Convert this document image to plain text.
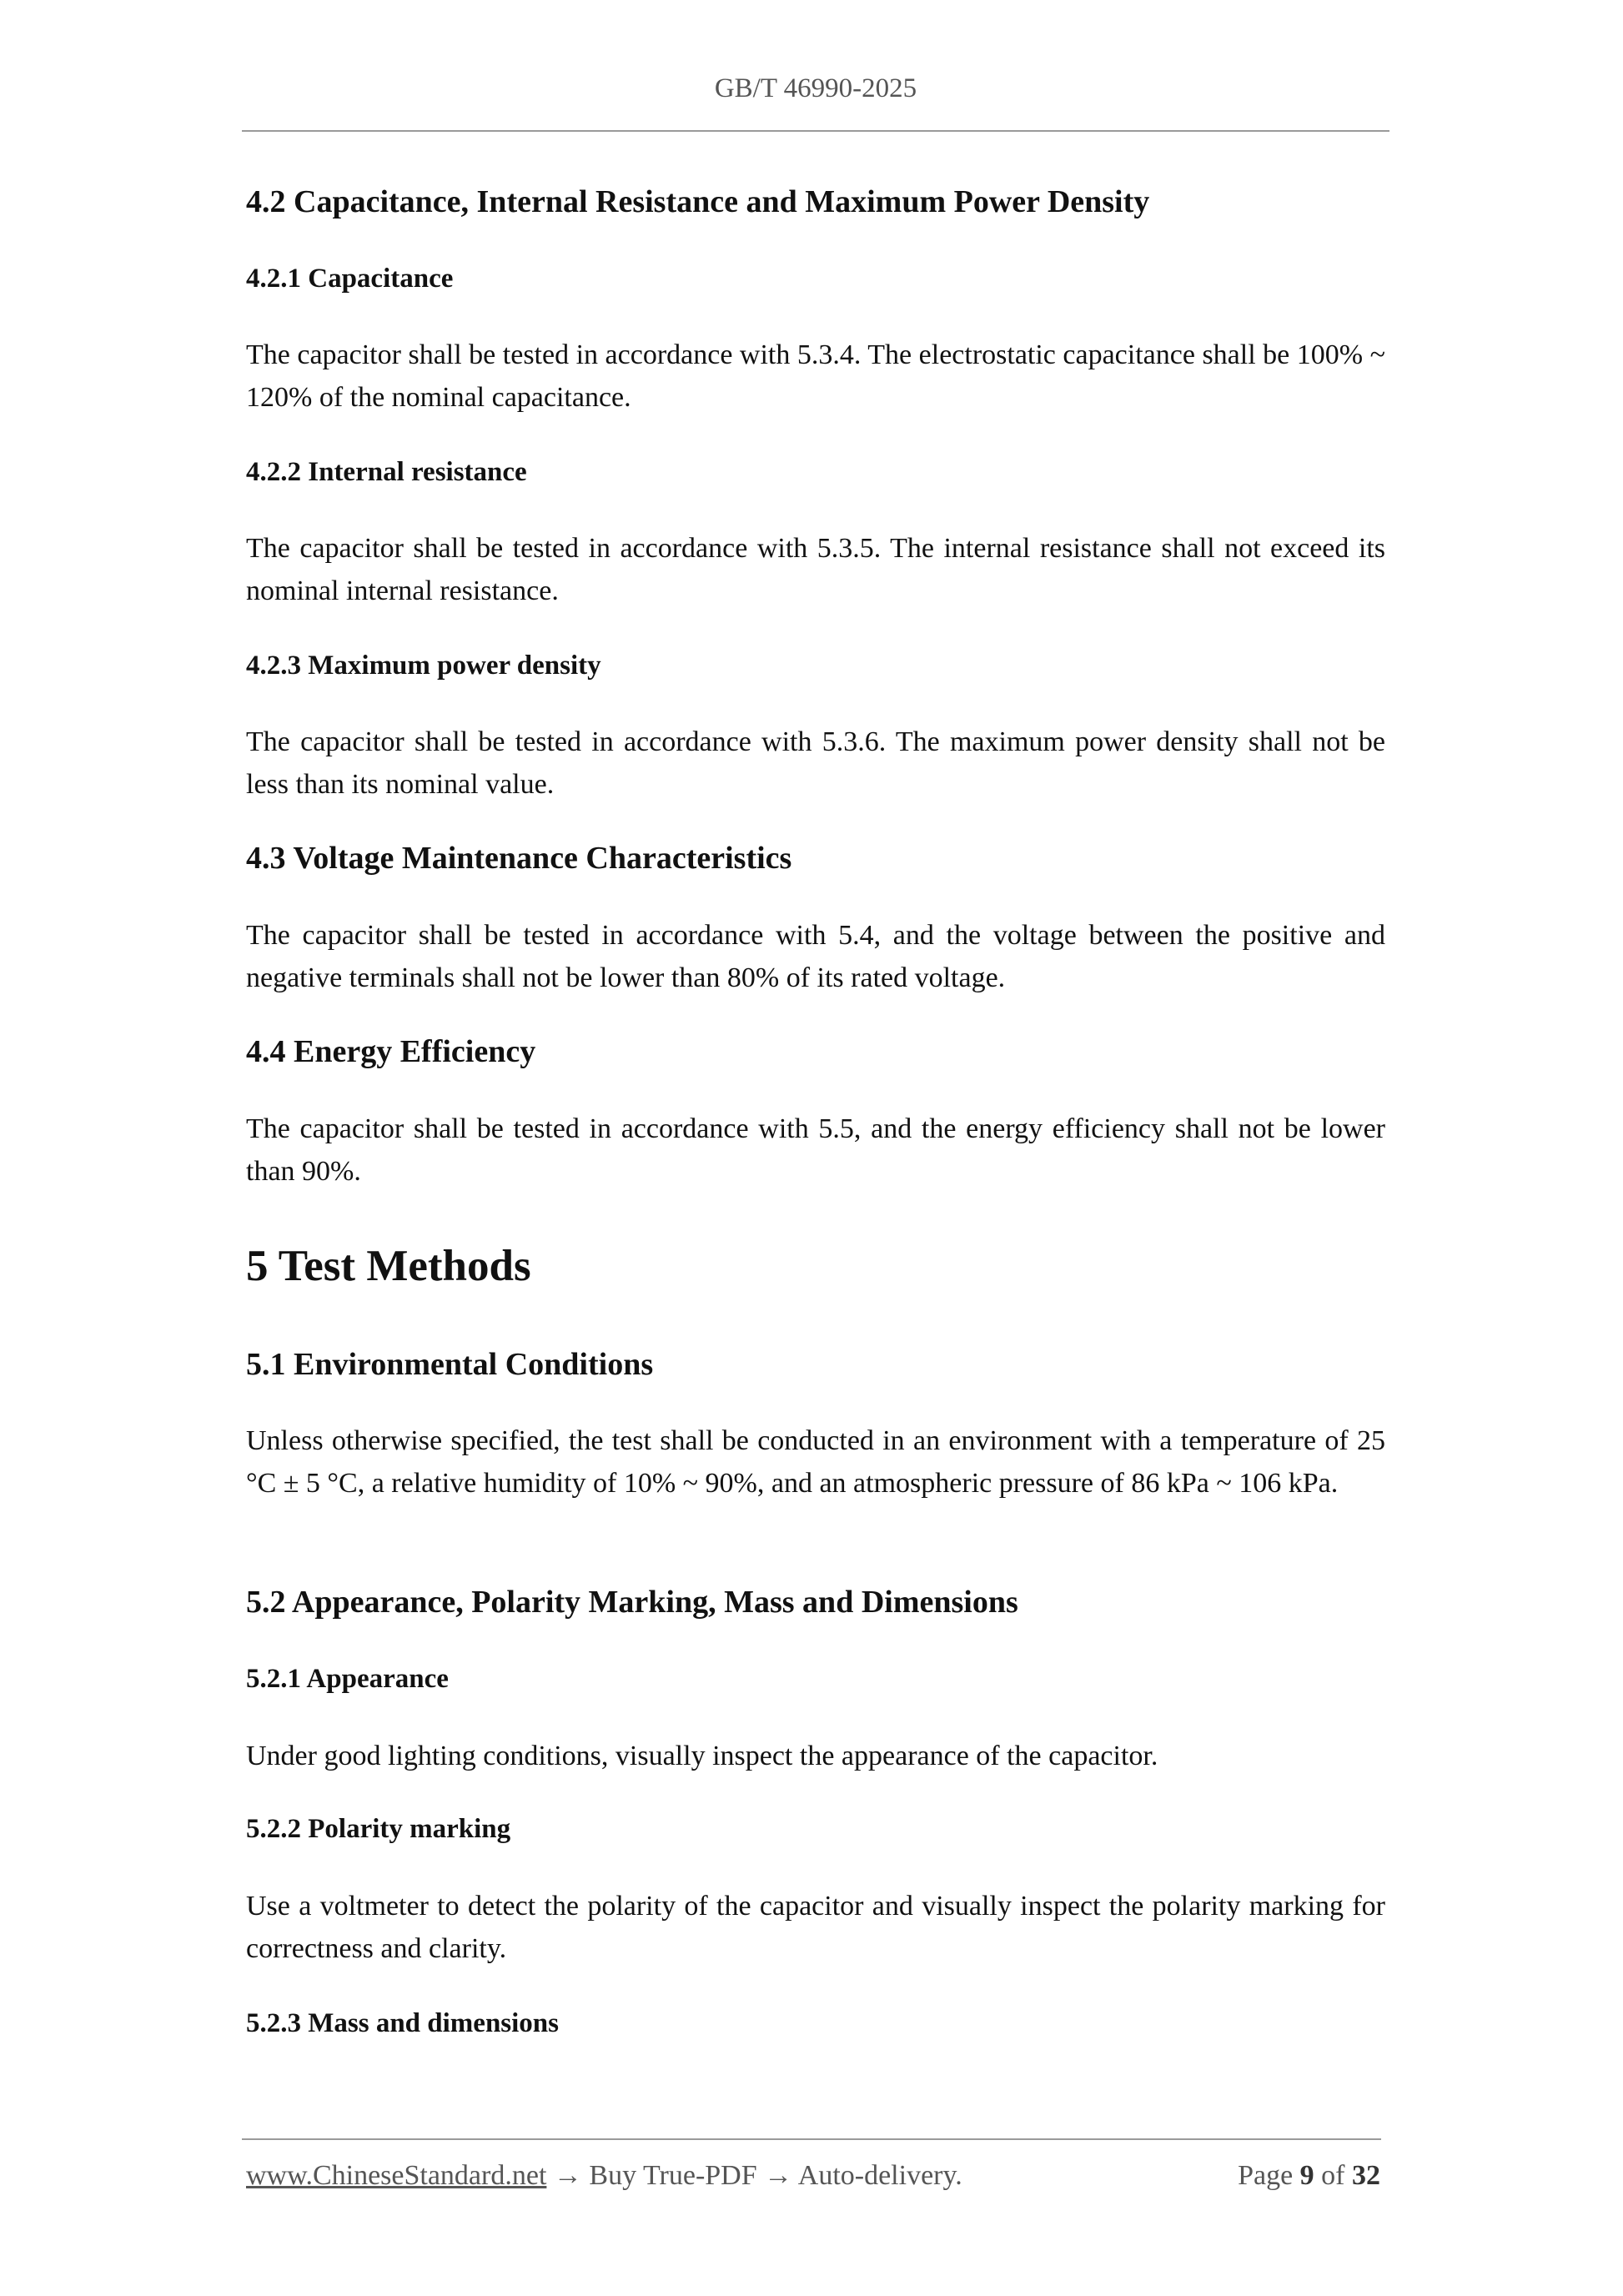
GB/T 46990-2025
4.2 Capacitance, Internal Resistance and Maximum Power Density
4.2.1 Capacitance

The capacitor shall be tested in accordance with 5.3.4. The electrostatic capacitance shall be 100% ~ 120% of the nominal capacitance.

4.2.2 Internal resistance

The capacitor shall be tested in accordance with 5.3.5. The internal resistance shall not exceed its nominal internal resistance.

4.2.3 Maximum power density

The capacitor shall be tested in accordance with 5.3.6. The maximum power density shall not be less than its nominal value.

4.3 Voltage Maintenance Characteristics

The capacitor shall be tested in accordance with 5.4, and the voltage between the positive and negative terminals shall not be lower than 80% of its rated voltage.

4.4 Energy Efficiency

The capacitor shall be tested in accordance with 5.5, and the energy efficiency shall not be lower than 90%.

5 Test Methods
5.1 Environmental Conditions

Unless otherwise specified, the test shall be conducted in an environment with a temperature of 25 °C ± 5 °C, a relative humidity of 10% ~ 90%, and an atmospheric pressure of 86 kPa ~ 106 kPa.

5.2 Appearance, Polarity Marking, Mass and Dimensions
5.2.1 Appearance

Under good lighting conditions, visually inspect the appearance of the capacitor.

5.2.2 Polarity marking

Use a voltmeter to detect the polarity of the capacitor and visually inspect the polarity marking for correctness and clarity.

5.2.3 Mass and dimensions
www.ChineseStandard.net → Buy True-PDF → Auto-delivery.	Page 9 of 32
